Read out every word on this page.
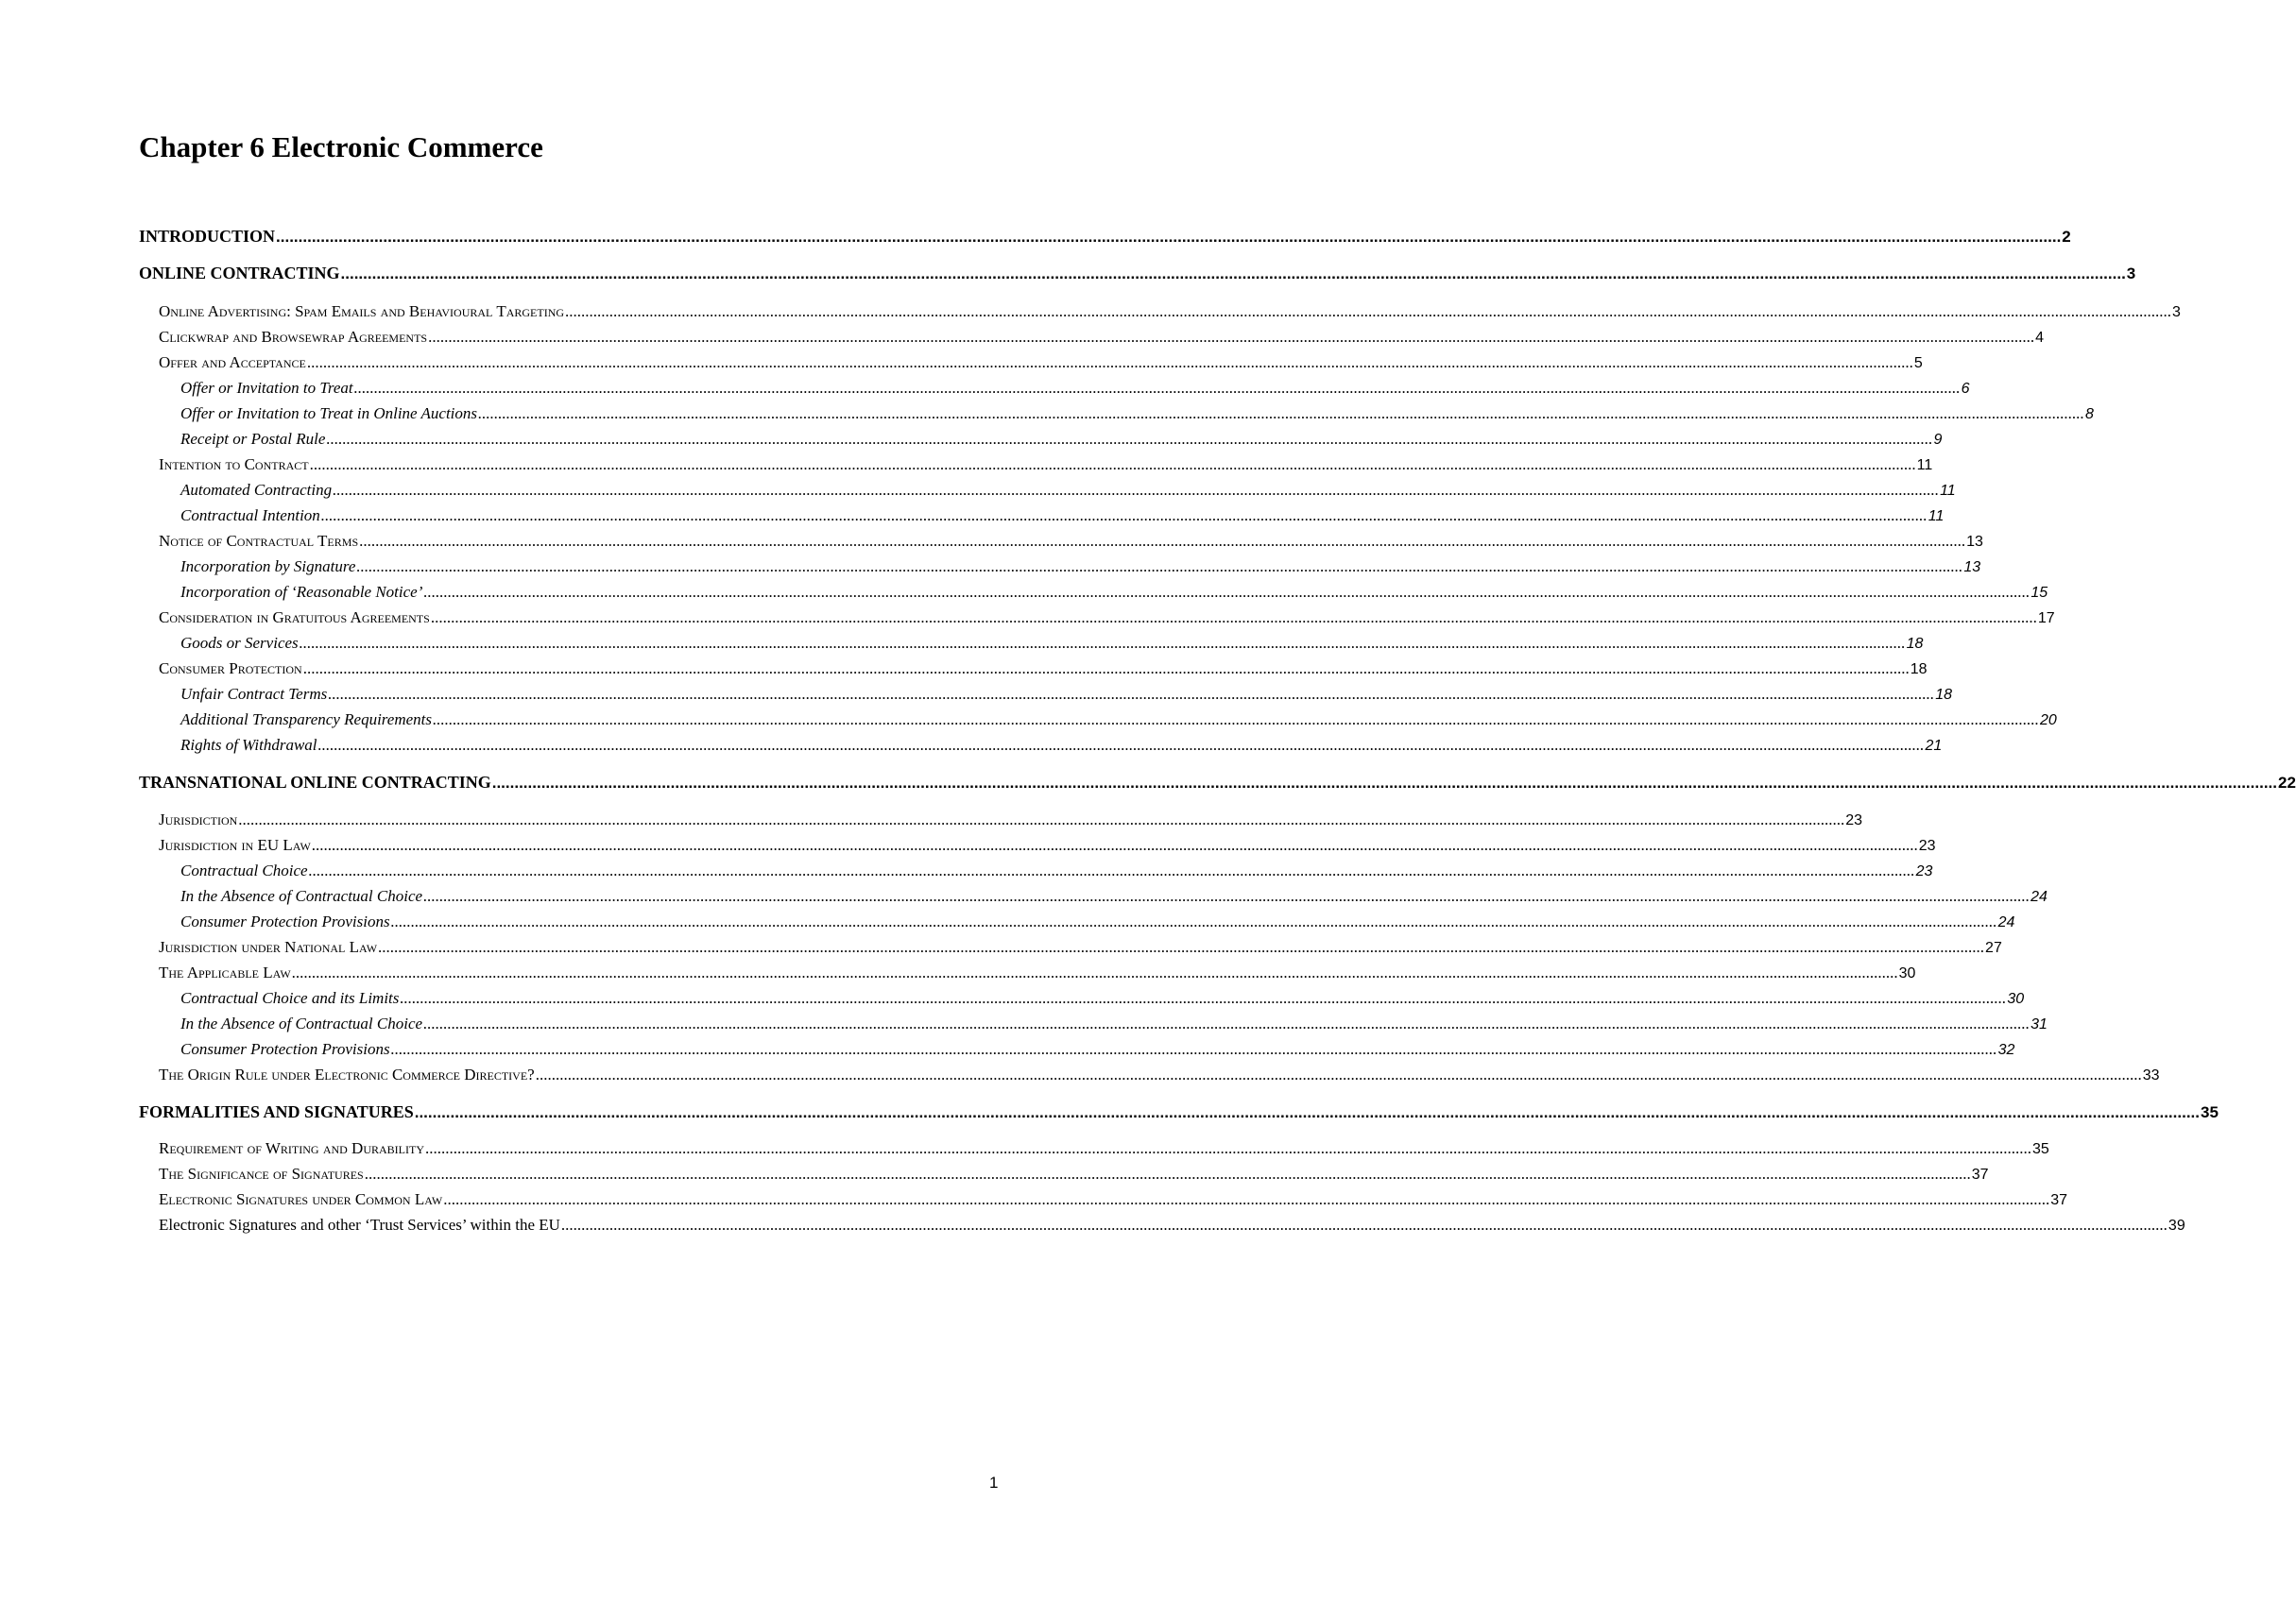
Chapter 6 Electronic Commerce
INTRODUCTION ................................................................................................................................................................................................................................................................................................................................................................................................................ 2
ONLINE CONTRACTING ................................................................................................................................................................................................................................................................................................................................................................................................................ 3
Online Advertising: Spam Emails and Behavioural Targeting ................................................................................................................................................................................................................................................................................................................................................................................................................ 3
Clickwrap and Browsewrap Agreements ................................................................................................................................................................................................................................................................................................................................................................................................................ 4
Offer and Acceptance ................................................................................................................................................................................................................................................................................................................................................................................................................ 5
Offer or Invitation to Treat ................................................................................................................................................................................................................................................................................................................................................................................................................ 6
Offer or Invitation to Treat in Online Auctions ................................................................................................................................................................................................................................................................................................................................................................................................................ 8
Receipt or Postal Rule ................................................................................................................................................................................................................................................................................................................................................................................................................ 9
Intention to Contract ................................................................................................................................................................................................................................................................................................................................................................................................................ 11
Automated Contracting ................................................................................................................................................................................................................................................................................................................................................................................................................ 11
Contractual Intention ................................................................................................................................................................................................................................................................................................................................................................................................................ 11
Notice of Contractual Terms ................................................................................................................................................................................................................................................................................................................................................................................................................ 13
Incorporation by Signature ................................................................................................................................................................................................................................................................................................................................................................................................................ 13
Incorporation of ‘Reasonable Notice’ ................................................................................................................................................................................................................................................................................................................................................................................................................ 15
Consideration in Gratuitous Agreements ................................................................................................................................................................................................................................................................................................................................................................................................................ 17
Goods or Services ................................................................................................................................................................................................................................................................................................................................................................................................................ 18
Consumer Protection ................................................................................................................................................................................................................................................................................................................................................................................................................ 18
Unfair Contract Terms ................................................................................................................................................................................................................................................................................................................................................................................................................ 18
Additional Transparency Requirements ................................................................................................................................................................................................................................................................................................................................................................................................................ 20
Rights of Withdrawal ................................................................................................................................................................................................................................................................................................................................................................................................................ 21
TRANSNATIONAL ONLINE CONTRACTING ................................................................................................................................................................................................................................................................................................................................................................................................................ 22
Jurisdiction ................................................................................................................................................................................................................................................................................................................................................................................................................ 23
Jurisdiction in EU Law ................................................................................................................................................................................................................................................................................................................................................................................................................ 23
Contractual Choice ................................................................................................................................................................................................................................................................................................................................................................................................................ 23
In the Absence of Contractual Choice ................................................................................................................................................................................................................................................................................................................................................................................................................ 24
Consumer Protection Provisions ................................................................................................................................................................................................................................................................................................................................................................................................................ 24
Jurisdiction under National Law ................................................................................................................................................................................................................................................................................................................................................................................................................ 27
The Applicable Law ................................................................................................................................................................................................................................................................................................................................................................................................................ 30
Contractual Choice and its Limits ................................................................................................................................................................................................................................................................................................................................................................................................................ 30
In the Absence of Contractual Choice ................................................................................................................................................................................................................................................................................................................................................................................................................ 31
Consumer Protection Provisions ................................................................................................................................................................................................................................................................................................................................................................................................................ 32
The Origin Rule under Electronic Commerce Directive? ................................................................................................................................................................................................................................................................................................................................................................................................................ 33
FORMALITIES AND SIGNATURES ................................................................................................................................................................................................................................................................................................................................................................................................................ 35
Requirement of Writing and Durability ................................................................................................................................................................................................................................................................................................................................................................................................................ 35
The Significance of Signatures ................................................................................................................................................................................................................................................................................................................................................................................................................ 37
Electronic Signatures under Common Law ................................................................................................................................................................................................................................................................................................................................................................................................................ 37
Electronic Signatures and other ‘Trust Services’ within the EU ................................................................................................................................................................................................................................................................................................................................................................................................................ 39
1
